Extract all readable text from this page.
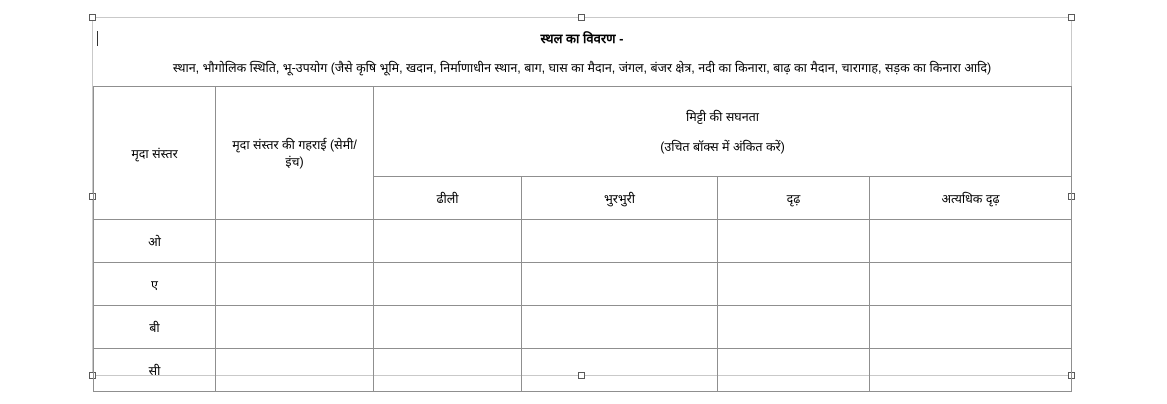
स्थल का विवरण -
स्थान, भौगोलिक स्थिति, भू-उपयोग (जैसे कृषि भूमि, खदान, निर्माणाधीन स्थान, बाग, घास का मैदान, जंगल, बंजर क्षेत्र, नदी का किनारा, बाढ़ का मैदान, चारागाह, सड़क का किनारा आदि)
मृदा संस्तर	मृदा संस्तर की गहराई (सेमी/ इंच)	मिट्टी की सघनता
(उचित बॉक्स में अंकित करें)			

		ढीली	भुरभुरी	दृढ़	अत्यधिक दृढ़
ओ					
ए					
बी					
सी					
